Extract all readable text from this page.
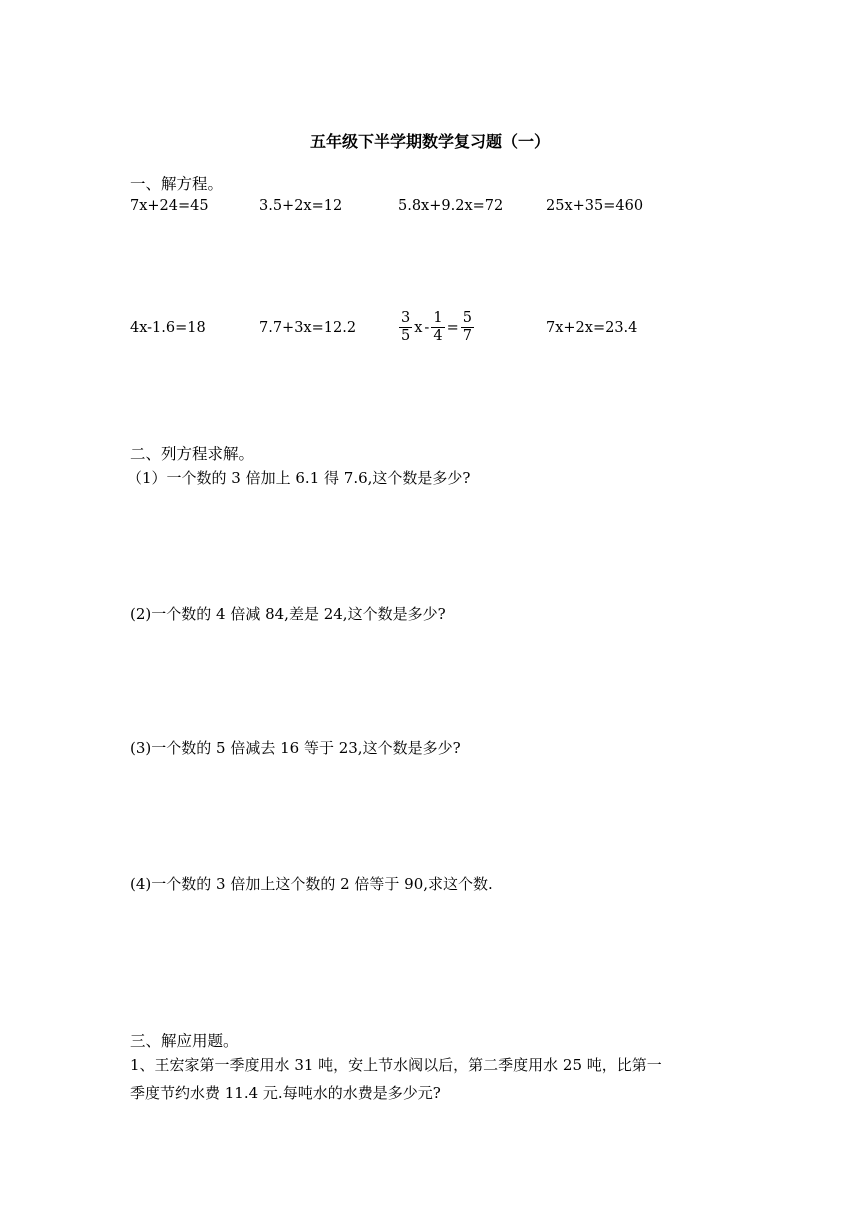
五年级下半学期数学复习题（一）
一、解方程。
7x+24=45	3.5+2x=12	5.8x+9.2x=72	25x+35=460
4x-1.6=18	7.7+3x=12.2	$\frac{3}{5}$ $x - \frac{1}{4} = \frac{5}{7}$	7x+2x=23.4
二、列方程求解。
（1）一个数的 3 倍加上 6.1 得 7.6,这个数是多少?
(2)一个数的 4 倍减 84,差是 24,这个数是多少?
(3)一个数的 5 倍减去 16 等于 23,这个数是多少?
(4)一个数的 3 倍加上这个数的 2 倍等于 90,求这个数.
三、解应用题。
1、王宏家第一季度用水 31 吨，安上节水阀以后，第二季度用水 25 吨，比第一
季度节约水费 11.4 元.每吨水的水费是多少元?
